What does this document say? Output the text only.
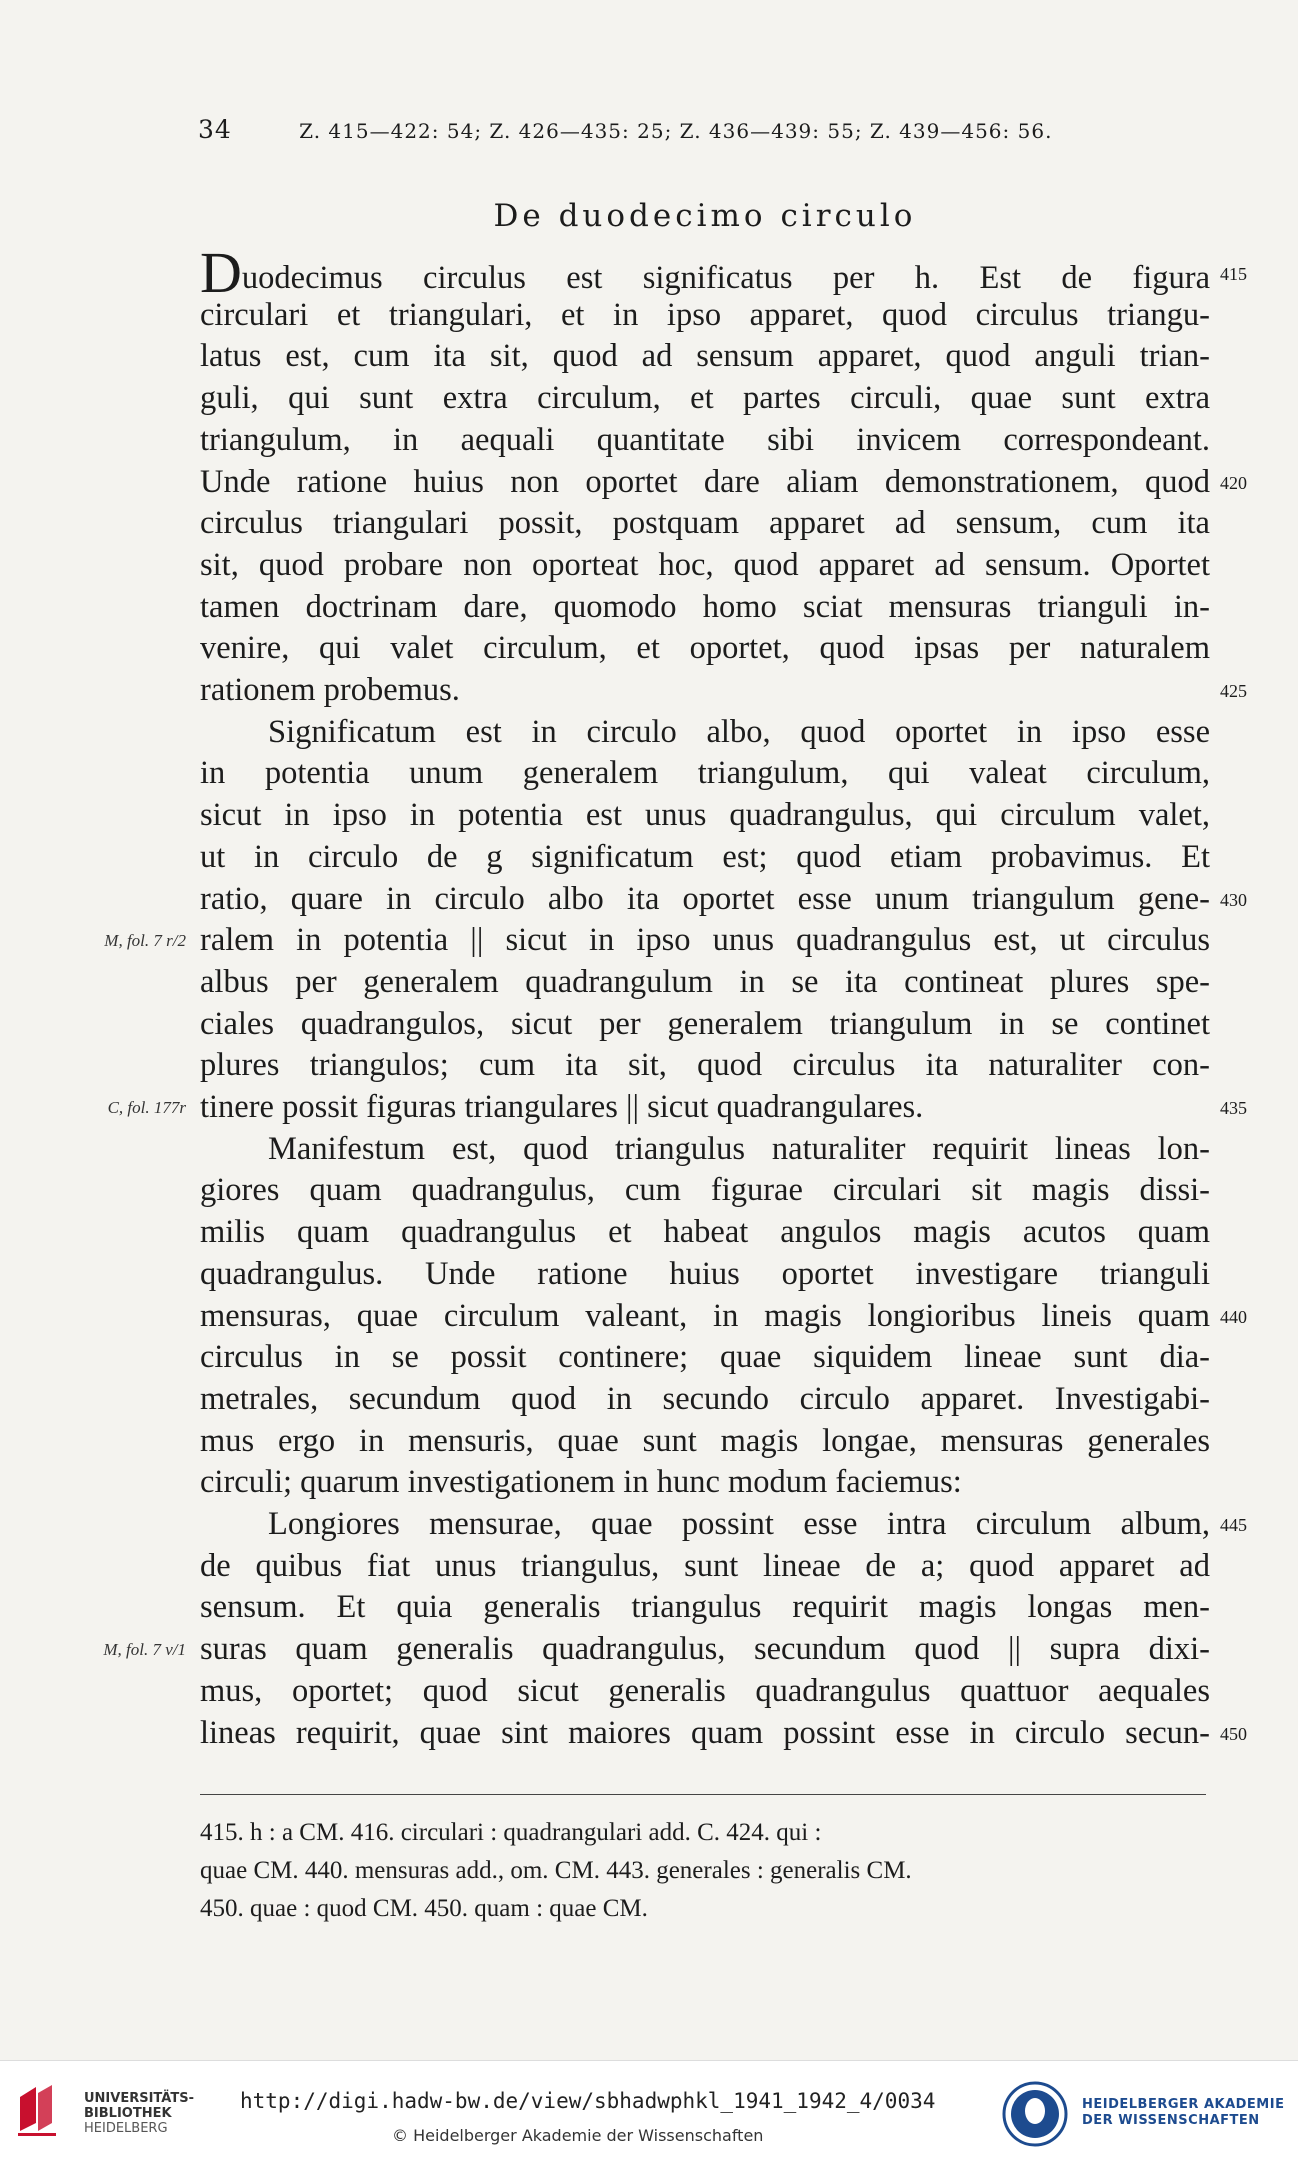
34	Z. 415—422: 54; Z. 426—435: 25; Z. 436—439: 55; Z. 439—456: 56.
De duodecimo circulo
Duodecimus circulus est significatus per h. Est de figura
circulari et triangulari, et in ipso apparet, quod circulus triangu-
latus est, cum ita sit, quod ad sensum apparet, quod anguli trian-
guli, qui sunt extra circulum, et partes circuli, quae sunt extra
triangulum, in aequali quantitate sibi invicem correspondeant.
Unde ratione huius non oportet dare aliam demonstrationem, quod
circulus triangulari possit, postquam apparet ad sensum, cum ita
sit, quod probare non oporteat hoc, quod apparet ad sensum. Oportet
tamen doctrinam dare, quomodo homo sciat mensuras trianguli in-
venire, qui valet circulum, et oportet, quod ipsas per naturalem
rationem probemus.
Significatum est in circulo albo, quod oportet in ipso esse
in potentia unum generalem triangulum, qui valeat circulum,
sicut in ipso in potentia est unus quadrangulus, qui circulum valet,
ut in circulo de g significatum est; quod etiam probavimus. Et
ratio, quare in circulo albo ita oportet esse unum triangulum gene-
ralem in potentia || sicut in ipso unus quadrangulus est, ut circulus
albus per generalem quadrangulum in se ita contineat plures spe-
ciales quadrangulos, sicut per generalem triangulum in se continet
plures triangulos; cum ita sit, quod circulus ita naturaliter con-
tinere possit figuras triangulares || sicut quadrangulares.
Manifestum est, quod triangulus naturaliter requirit lineas lon-
giores quam quadrangulus, cum figurae circulari sit magis dissi-
milis quam quadrangulus et habeat angulos magis acutos quam
quadrangulus. Unde ratione huius oportet investigare trianguli
mensuras, quae circulum valeant, in magis longioribus lineis quam
circulus in se possit continere; quae siquidem lineae sunt dia-
metrales, secundum quod in secundo circulo apparet. Investigabi-
mus ergo in mensuris, quae sunt magis longae, mensuras generales
circuli; quarum investigationem in hunc modum faciemus:
Longiores mensurae, quae possint esse intra circulum album,
de quibus fiat unus triangulus, sunt lineae de a; quod apparet ad
sensum. Et quia generalis triangulus requirit magis longas men-
suras quam generalis quadrangulus, secundum quod || supra dixi-
mus, oportet; quod sicut generalis quadrangulus quattuor aequales
lineas requirit, quae sint maiores quam possint esse in circulo secun-
415
420
425
430
435
440
445
450
M, fol. 7 r/2
C, fol. 177r
M, fol. 7 v/1
415. h : a CM. 416. circulari : quadrangulari add. C. 424. qui :
quae CM. 440. mensuras add., om. CM. 443. generales : generalis CM.
450. quae : quod CM. 450. quam : quae CM.
UNIVERSITÄTS-
BIBLIOTHEK
HEIDELBERG
http://digi.hadw-bw.de/view/sbhadwphkl_1941_1942_4/0034
© Heidelberger Akademie der Wissenschaften
HEIDELBERGER AKADEMIE
DER WISSENSCHAFTEN
